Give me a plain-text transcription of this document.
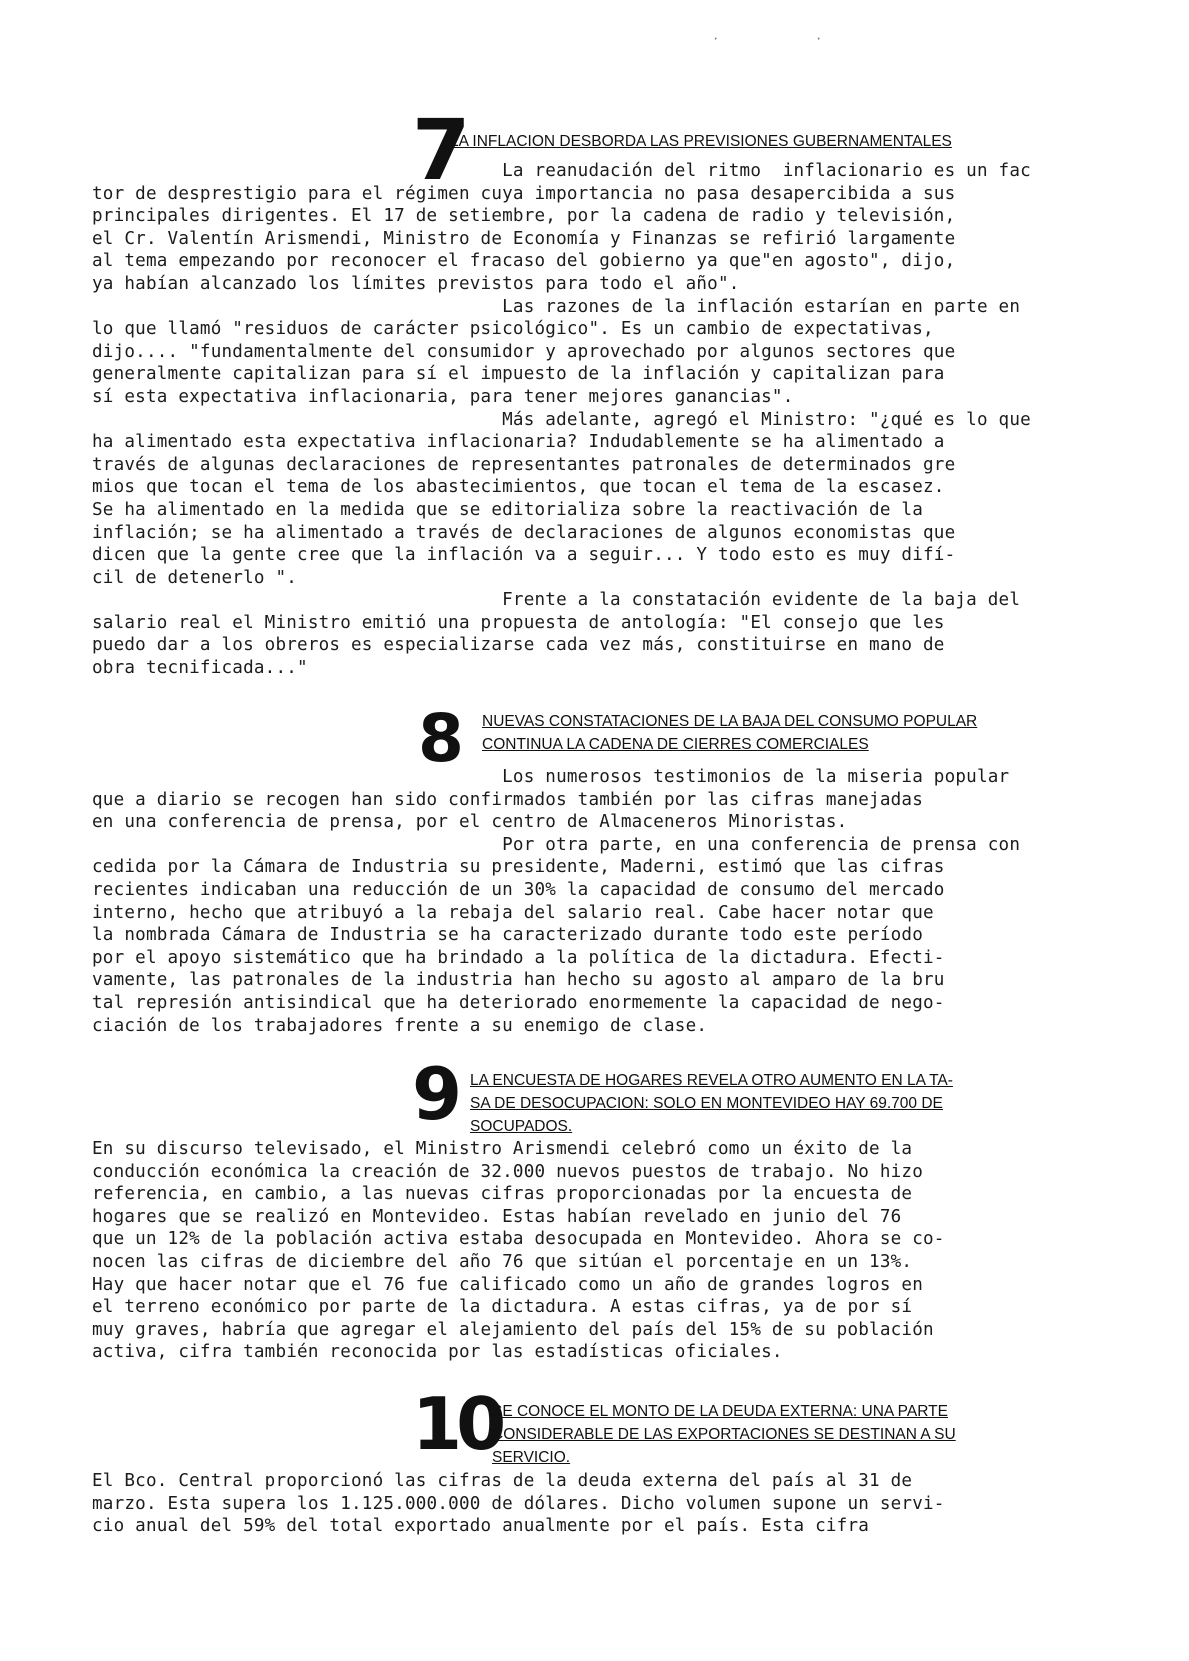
·	·
7
LA INFLACION DESBORDA LAS PREVISIONES GUBERNAMENTALES

La reanudación del ritmo  inflacionario es un fac

tor de desprestigio para el régimen cuya importancia no pasa desapercibida a sus

principales dirigentes. El 17 de setiembre, por la cadena de radio y televisión,

el Cr. Valentín Arismendi, Ministro de Economía y Finanzas se refirió largamente

al tema empezando por reconocer el fracaso del gobierno ya que"en agosto", dijo,

ya habían alcanzado los límites previstos para todo el año".

Las razones de la inflación estarían en parte en

lo que llamó "residuos de carácter psicológico". Es un cambio de expectativas,

dijo.... "fundamentalmente del consumidor y aprovechado por algunos sectores que

generalmente capitalizan para sí el impuesto de la inflación y capitalizan para

sí esta expectativa inflacionaria, para tener mejores ganancias".

Más adelante, agregó el Ministro: "¿qué es lo que

ha alimentado esta expectativa inflacionaria? Indudablemente se ha alimentado a

través de algunas declaraciones de representantes patronales de determinados gre

mios que tocan el tema de los abastecimientos, que tocan el tema de la escasez.

Se ha alimentado en la medida que se editorializa sobre la reactivación de la

inflación; se ha alimentado a través de declaraciones de algunos economistas que

dicen que la gente cree que la inflación va a seguir... Y todo esto es muy difí-

cil de detenerlo ".

Frente a la constatación evidente de la baja del

salario real el Ministro emitió una propuesta de antología: "El consejo que les

puedo dar a los obreros es especializarse cada vez más, constituirse en mano de

obra tecnificada..."

8 NUEVAS CONSTATACIONES DE LA BAJA DEL CONSUMO POPULAR
CONTINUA LA CADENA DE CIERRES COMERCIALES

Los numerosos testimonios de la miseria popular

que a diario se recogen han sido confirmados también por las cifras manejadas

en una conferencia de prensa, por el centro de Almaceneros Minoristas.

Por otra parte, en una conferencia de prensa con

cedida por la Cámara de Industria su presidente, Maderni, estimó que las cifras

recientes indicaban una reducción de un 30% la capacidad de consumo del mercado

interno, hecho que atribuyó a la rebaja del salario real. Cabe hacer notar que

la nombrada Cámara de Industria se ha caracterizado durante todo este período

por el apoyo sistemático que ha brindado a la política de la dictadura. Efecti-

vamente, las patronales de la industria han hecho su agosto al amparo de la bru

tal represión antisindical que ha deteriorado enormemente la capacidad de nego-

ciación de los trabajadores frente a su enemigo de clase.

9 LA ENCUESTA DE HOGARES REVELA OTRO AUMENTO EN LA TA-
SA DE DESOCUPACION: SOLO EN MONTEVIDEO HAY 69.700 DE
SOCUPADOS.

En su discurso televisado, el Ministro Arismendi celebró como un éxito de la

conducción económica la creación de 32.000 nuevos puestos de trabajo. No hizo

referencia, en cambio, a las nuevas cifras proporcionadas por la encuesta de

hogares que se realizó en Montevideo. Estas habían revelado en junio del 76

que un 12% de la población activa estaba desocupada en Montevideo. Ahora se co-

nocen las cifras de diciembre del año 76 que sitúan el porcentaje en un 13%.

Hay que hacer notar que el 76 fue calificado como un año de grandes logros en

el terreno económico por parte de la dictadura. A estas cifras, ya de por sí

muy graves, habría que agregar el alejamiento del país del 15% de su población

activa, cifra también reconocida por las estadísticas oficiales.

10
SE CONOCE EL MONTO DE LA DEUDA EXTERNA: UNA PARTE
CONSIDERABLE DE LAS EXPORTACIONES SE DESTINAN A SU
SERVICIO.

El Bco. Central proporcionó las cifras de la deuda externa del país al 31 de

marzo. Esta supera los 1.125.000.000 de dólares. Dicho volumen supone un servi-

cio anual del 59% del total exportado anualmente por el país. Esta cifra
